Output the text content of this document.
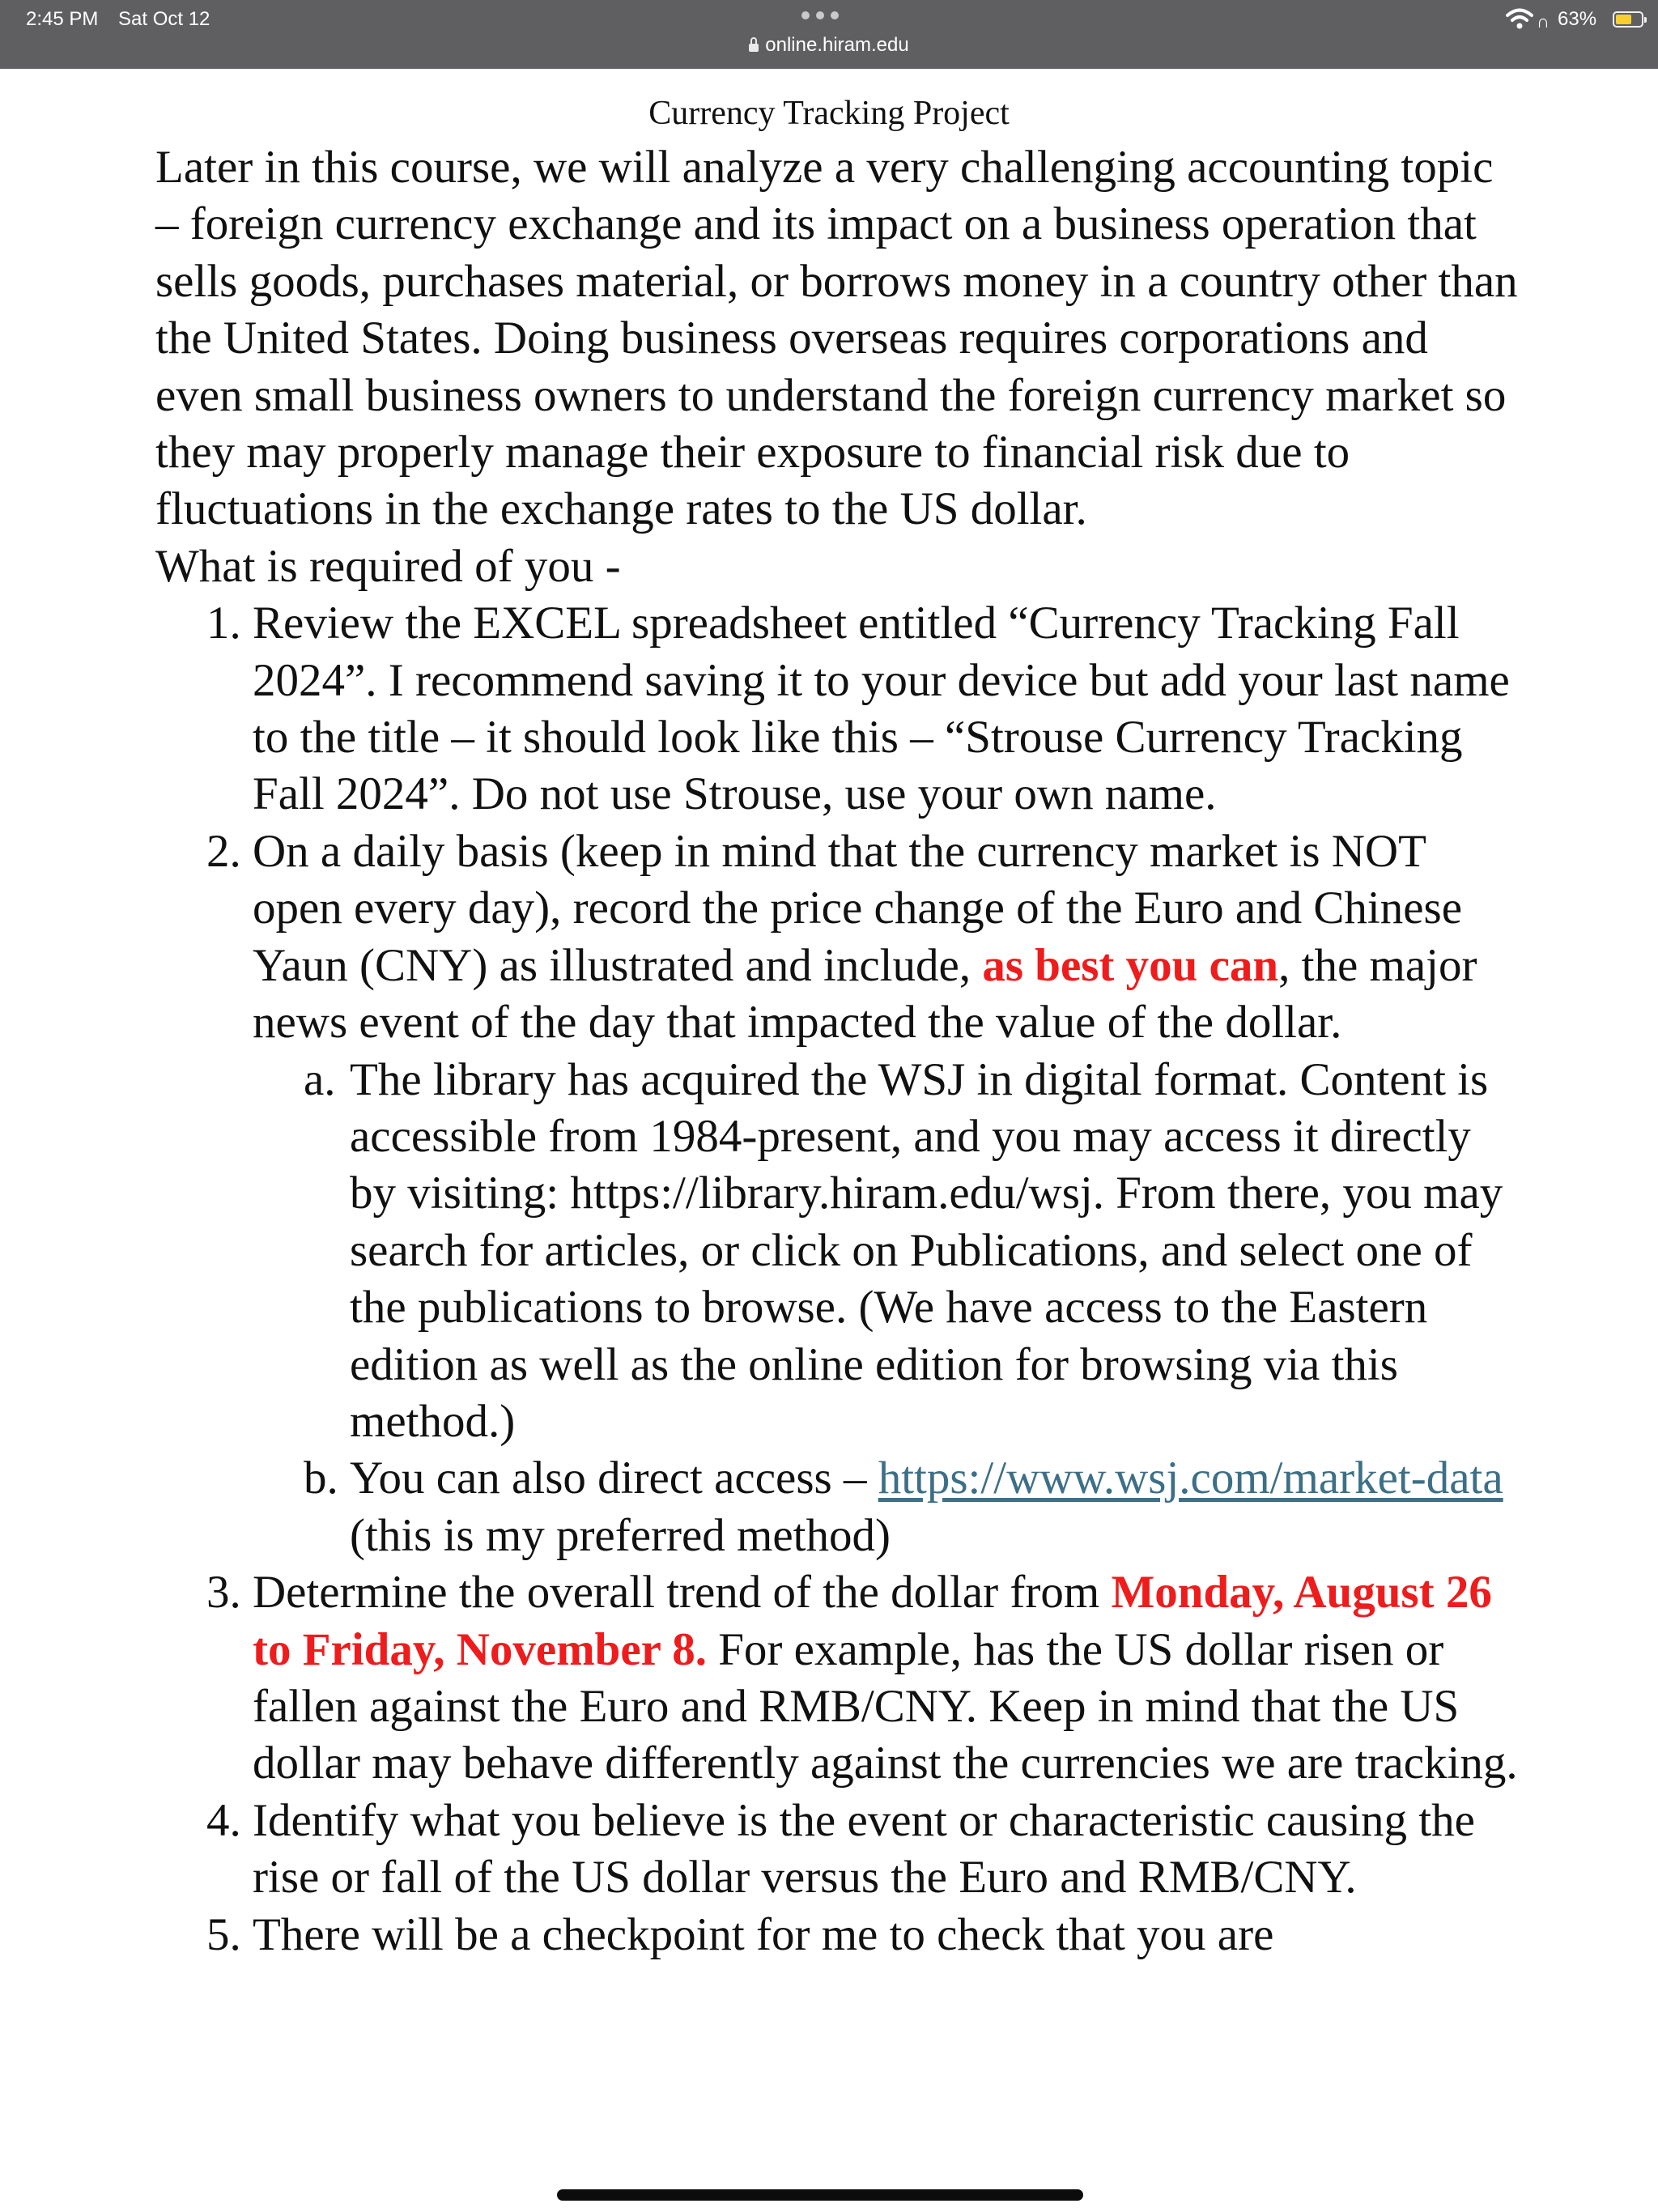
2:45 PM Sat Oct 12
online.hiram.edu
∩ 63%
Currency Tracking Project

Later in this course, we will analyze a very challenging accounting topic – foreign currency exchange and its impact on a business operation that sells goods, purchases material, or borrows money in a country other than the United States. Doing business overseas requires corporations and even small business owners to understand the foreign currency market so they may properly manage their exposure to financial risk due to fluctuations in the exchange rates to the US dollar.

What is required of you -

1. Review the EXCEL spreadsheet entitled “Currency Tracking Fall 2024”. I recommend saving it to your device but add your last name to the title – it should look like this – “Strouse Currency Tracking Fall 2024”. Do not use Strouse, use your own name.
2. On a daily basis (keep in mind that the currency market is NOT open every day), record the price change of the Euro and Chinese Yaun (CNY) as illustrated and include, as best you can, the major news event of the day that impacted the value of the dollar.
a. The library has acquired the WSJ in digital format. Content is accessible from 1984-present, and you may access it directly by visiting: https://library.hiram.edu/wsj. From there, you may search for articles, or click on Publications, and select one of the publications to browse. (We have access to the Eastern edition as well as the online edition for browsing via this method.)
b. You can also direct access – https://www.wsj.com/market-data (this is my preferred method)
3. Determine the overall trend of the dollar from Monday, August 26 to Friday, November 8. For example, has the US dollar risen or fallen against the Euro and RMB/CNY. Keep in mind that the US dollar may behave differently against the currencies we are tracking.
4. Identify what you believe is the event or characteristic causing the rise or fall of the US dollar versus the Euro and RMB/CNY.
5. There will be a checkpoint for me to check that you are
